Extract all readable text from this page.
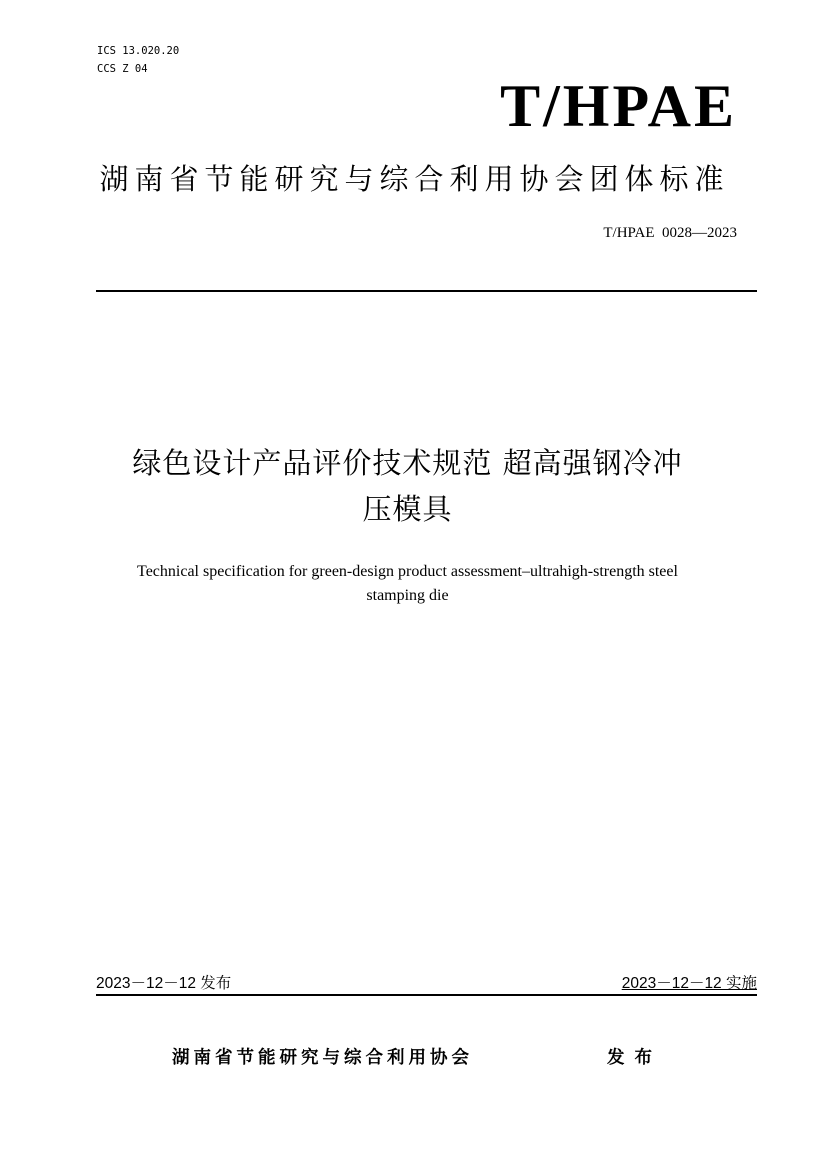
ICS 13.020.20
CCS Z 04
T/HPAE
湖南省节能研究与综合利用协会团体标准
T/HPAE  0028—2023
绿色设计产品评价技术规范 超高强钢冷冲
压模具
Technical specification for green-design product assessment–ultrahigh-strength steel
stamping die
2023－12－12 发布	2023－12－12 实施
湖南省节能研究与综合利用协会	发布
